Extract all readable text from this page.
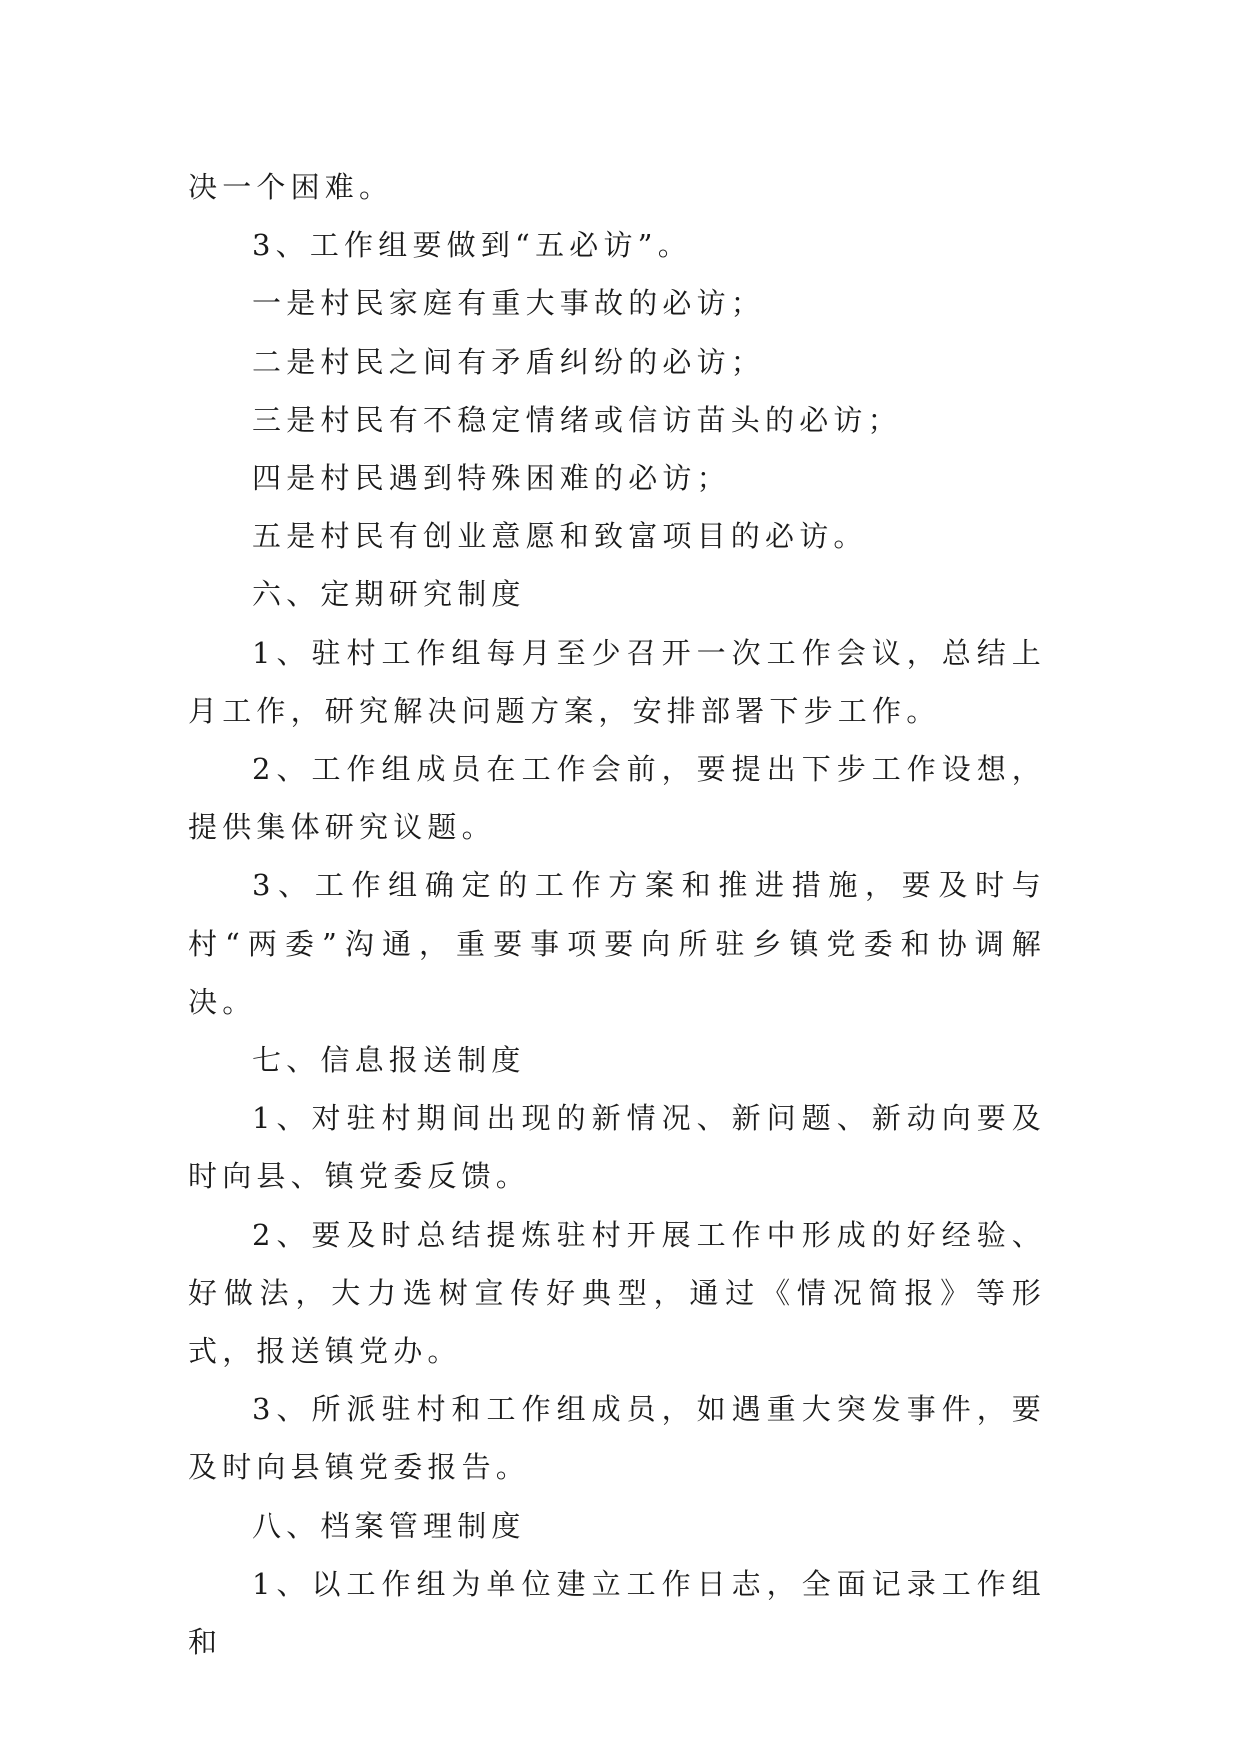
决一个困难。

3、工作组要做到“五必访”。

一是村民家庭有重大事故的必访；

二是村民之间有矛盾纠纷的必访；

三是村民有不稳定情绪或信访苗头的必访；

四是村民遇到特殊困难的必访；

五是村民有创业意愿和致富项目的必访。

六、定期研究制度

1、驻村工作组每月至少召开一次工作会议，总结上月工作，研究解决问题方案，安排部署下步工作。

2、工作组成员在工作会前，要提出下步工作设想，提供集体研究议题。

3、工作组确定的工作方案和推进措施，要及时与村“两委”沟通，重要事项要向所驻乡镇党委和协调解决。

七、信息报送制度

1、对驻村期间出现的新情况、新问题、新动向要及时向县、镇党委反馈。

2、要及时总结提炼驻村开展工作中形成的好经验、好做法，大力选树宣传好典型，通过《情况简报》等形式，报送镇党办。

3、所派驻村和工作组成员，如遇重大突发事件，要及时向县镇党委报告。

八、档案管理制度

1、以工作组为单位建立工作日志，全面记录工作组和
